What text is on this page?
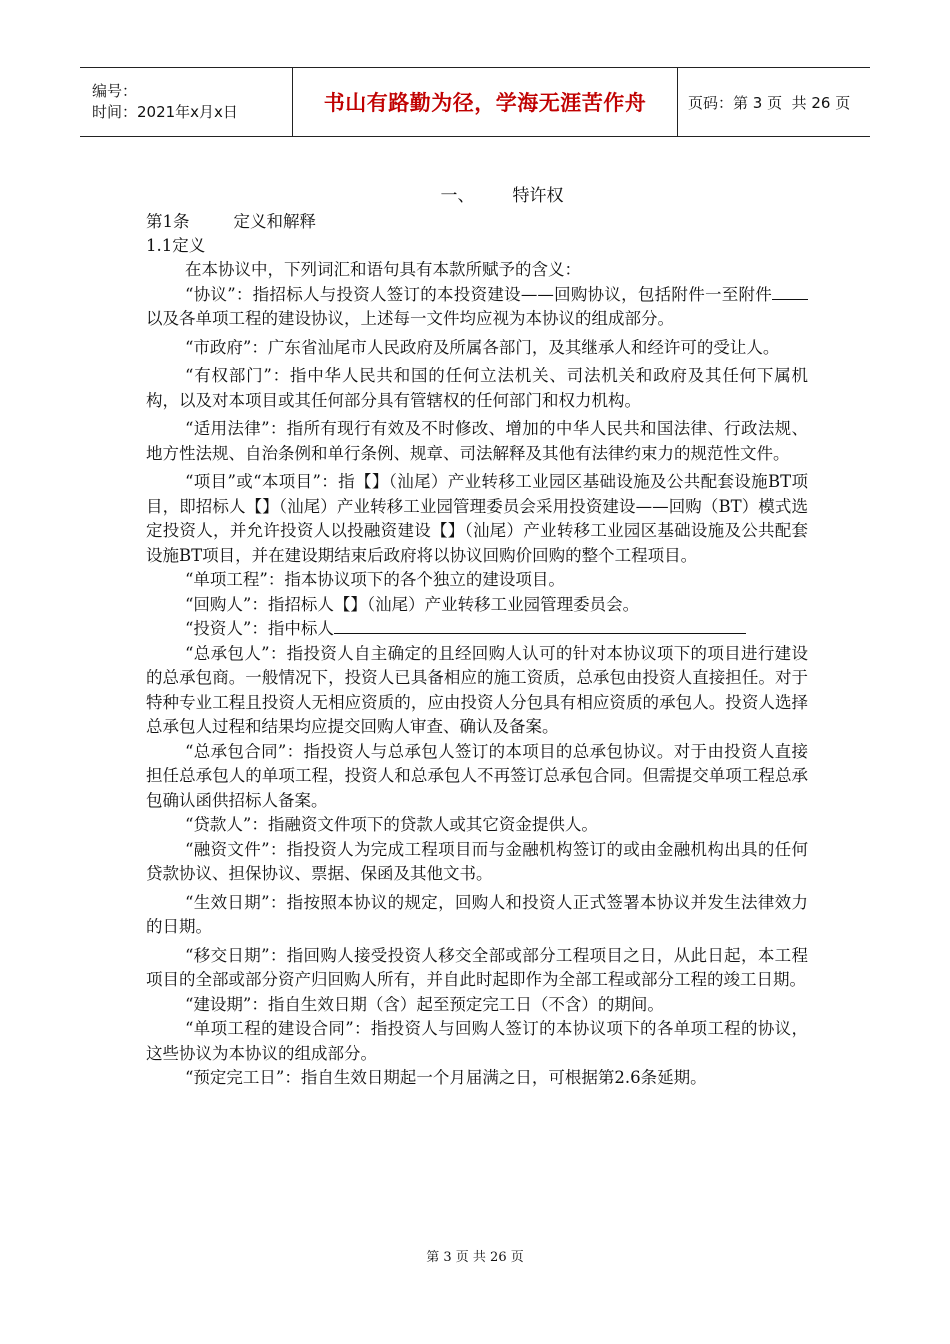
编号：
时间：2021年x月x日	书山有路勤为径，学海无涯苦作舟	页码：第 3 页  共 26 页
一、 特许权
第1条	定义和解释
1.1定义

在本协议中，下列词汇和语句具有本款所赋予的含义：

“协议”：指招标人与投资人签订的本投资建设——回购协议，包括附件一至附件以及各单项工程的建设协议，上述每一文件均应视为本协议的组成部分。

“市政府”：广东省汕尾市人民政府及所属各部门，及其继承人和经许可的受让人。

“有权部门”：指中华人民共和国的任何立法机关、司法机关和政府及其任何下属机构，以及对本项目或其任何部分具有管辖权的任何部门和权力机构。

“适用法律”：指所有现行有效及不时修改、增加的中华人民共和国法律、行政法规、地方性法规、自治条例和单行条例、规章、司法解释及其他有法律约束力的规范性文件。

“项目”或“本项目”：指【】（汕尾）产业转移工业园区基础设施及公共配套设施BT项目，即招标人【】（汕尾）产业转移工业园管理委员会采用投资建设——回购（BT）模式选定投资人，并允许投资人以投融资建设【】（汕尾）产业转移工业园区基础设施及公共配套设施BT项目，并在建设期结束后政府将以协议回购价回购的整个工程项目。

“单项工程”：指本协议项下的各个独立的建设项目。

“回购人”：指招标人【】（汕尾）产业转移工业园管理委员会。

“投资人”：指中标人

“总承包人”：指投资人自主确定的且经回购人认可的针对本协议项下的项目进行建设的总承包商。一般情况下，投资人已具备相应的施工资质，总承包由投资人直接担任。对于特种专业工程且投资人无相应资质的，应由投资人分包具有相应资质的承包人。投资人选择总承包人过程和结果均应提交回购人审查、确认及备案。

“总承包合同”：指投资人与总承包人签订的本项目的总承包协议。对于由投资人直接担任总承包人的单项工程，投资人和总承包人不再签订总承包合同。但需提交单项工程总承包确认函供招标人备案。

“贷款人”：指融资文件项下的贷款人或其它资金提供人。

“融资文件”：指投资人为完成工程项目而与金融机构签订的或由金融机构出具的任何贷款协议、担保协议、票据、保函及其他文书。

“生效日期”：指按照本协议的规定，回购人和投资人正式签署本协议并发生法律效力的日期。

“移交日期”：指回购人接受投资人移交全部或部分工程项目之日，从此日起，本工程项目的全部或部分资产归回购人所有，并自此时起即作为全部工程或部分工程的竣工日期。

“建设期”：指自生效日期（含）起至预定完工日（不含）的期间。

“单项工程的建设合同”：指投资人与回购人签订的本协议项下的各单项工程的协议，这些协议为本协议的组成部分。

“预定完工日”：指自生效日期起一个月届满之日，可根据第2.6条延期。

第 3 页 共 26 页
